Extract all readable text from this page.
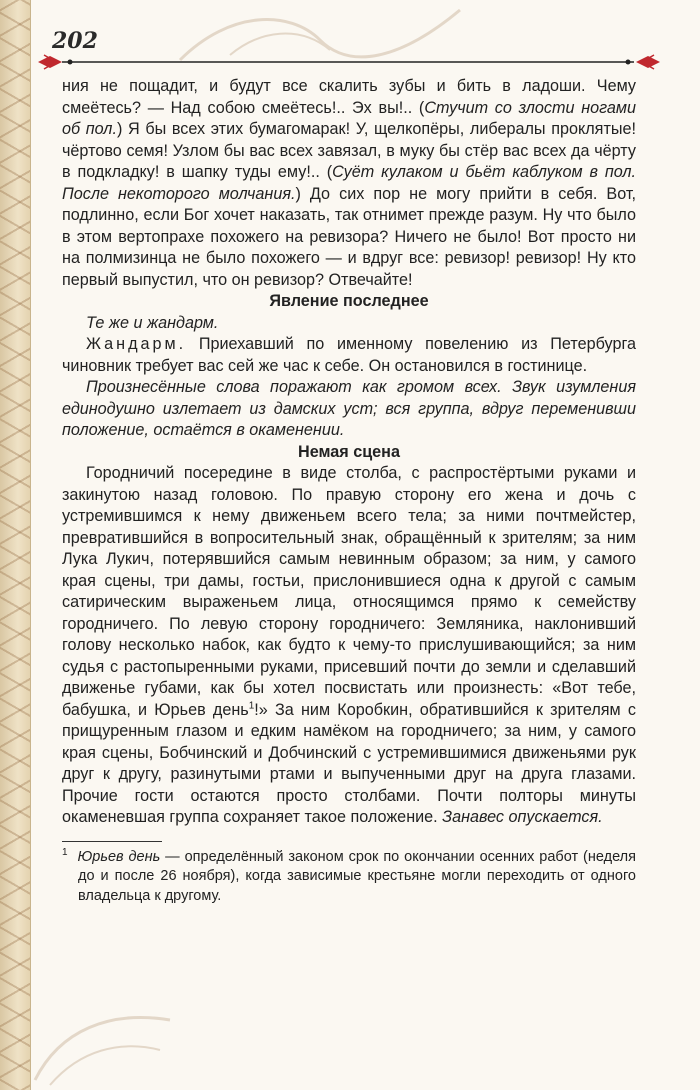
202

ния не пощадит, и будут все скалить зубы и бить в ладоши. Чему смеётесь? — Над собою смеётесь!.. Эх вы!.. (Стучит со злости ногами об пол.) Я бы всех этих бумагомарак! У, щелкопёры, либералы проклятые! чёртово семя! Узлом бы вас всех завязал, в муку бы стёр вас всех да чёрту в подкладку! в шапку туды ему!.. (Суёт кулаком и бьёт каблуком в пол. После некоторого молчания.) До сих пор не могу прийти в себя. Вот, подлинно, если Бог хочет наказать, так отнимет прежде разум. Ну что было в этом вертопрахе похожего на ревизора? Ничего не было! Вот просто ни на полмизинца не было похожего — и вдруг все: ревизор! ревизор! Ну кто первый выпустил, что он ревизор? Отвечайте!

Явление последнее

Те же и жандарм.

Жандарм. Приехавший по именному повелению из Петербурга чиновник требует вас сей же час к себе. Он остановился в гостинице.

Произнесённые слова поражают как громом всех. Звук изумления единодушно излетает из дамских уст; вся группа, вдруг переменивши положение, остаётся в окаменении.

Немая сцена

Городничий посередине в виде столба, с распростёртыми руками и закинутою назад головою. По правую сторону его жена и дочь с устремившимся к нему движеньем всего тела; за ними почтмейстер, превратившийся в вопросительный знак, обращённый к зрителям; за ним Лука Лукич, потерявшийся самым невинным образом; за ним, у самого края сцены, три дамы, гостьи, прислонившиеся одна к другой с самым сатирическим выраженьем лица, относящимся прямо к семейству городничего. По левую сторону городничего: Земляника, наклонивший голову несколько набок, как будто к чему-то прислушивающийся; за ним судья с растопыренными руками, присевший почти до земли и сделавший движенье губами, как бы хотел посвистать или произнесть: «Вот тебе, бабушка, и Юрьев день$^1$!» За ним Коробкин, обратившийся к зрителям с прищуренным глазом и едким намёком на городничего; за ним, у самого края сцены, Бобчинский и Добчинский с устремившимися движеньями рук друг к другу, разинутыми ртами и выпученными друг на друга глазами. Прочие гости остаются просто столбами. Почти полторы минуты окаменевшая группа сохраняет такое положение. Занавес опускается.

$^1$ Юрьев день — определённый законом срок по окончании осенних работ (неделя до и после 26 ноября), когда зависимые крестьяне могли переходить от одного владельца к другому.
